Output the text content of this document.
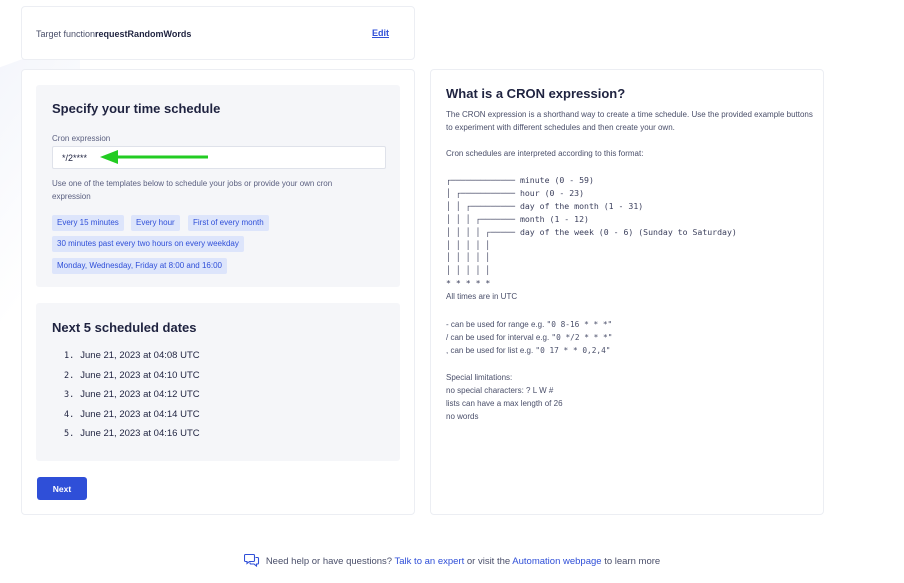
Target functionrequestRandomWords	Edit
Specify your time schedule
Cron expression
*/2****
Use one of the templates below to schedule your jobs or provide your own cron expression
Every 15 minutes	Every hour	First of every month
30 minutes past every two hours on every weekday
Monday, Wednesday, Friday at 8:00 and 16:00
Next 5 scheduled dates
1. June 21, 2023 at 04:08 UTC
2. June 21, 2023 at 04:10 UTC
3. June 21, 2023 at 04:12 UTC
4. June 21, 2023 at 04:14 UTC
5. June 21, 2023 at 04:16 UTC
Next
What is a CRON expression?
The CRON expression is a shorthand way to create a time schedule. Use the provided example buttons to experiment with different schedules and then create your own.
Cron schedules are interpreted according to this format:
┌───────────── minute (0 - 59)
│ ┌─────────── hour (0 - 23)
│ │ ┌───────── day of the month (1 - 31)
│ │ │ ┌─────── month (1 - 12)
│ │ │ │ ┌───── day of the week (0 - 6) (Sunday to Saturday)
│ │ │ │ │
│ │ │ │ │
│ │ │ │ │
* * * * *
All times are in UTC
- can be used for range e.g. "0 8-16 * * *"
/ can be used for interval e.g. "0 */2 * * *"
, can be used for list e.g. "0 17 * * 0,2,4"
Special limitations:
no special characters: ? L W #
lists can have a max length of 26
no words
Need help or have questions? Talk to an expert or visit the Automation webpage to learn more
